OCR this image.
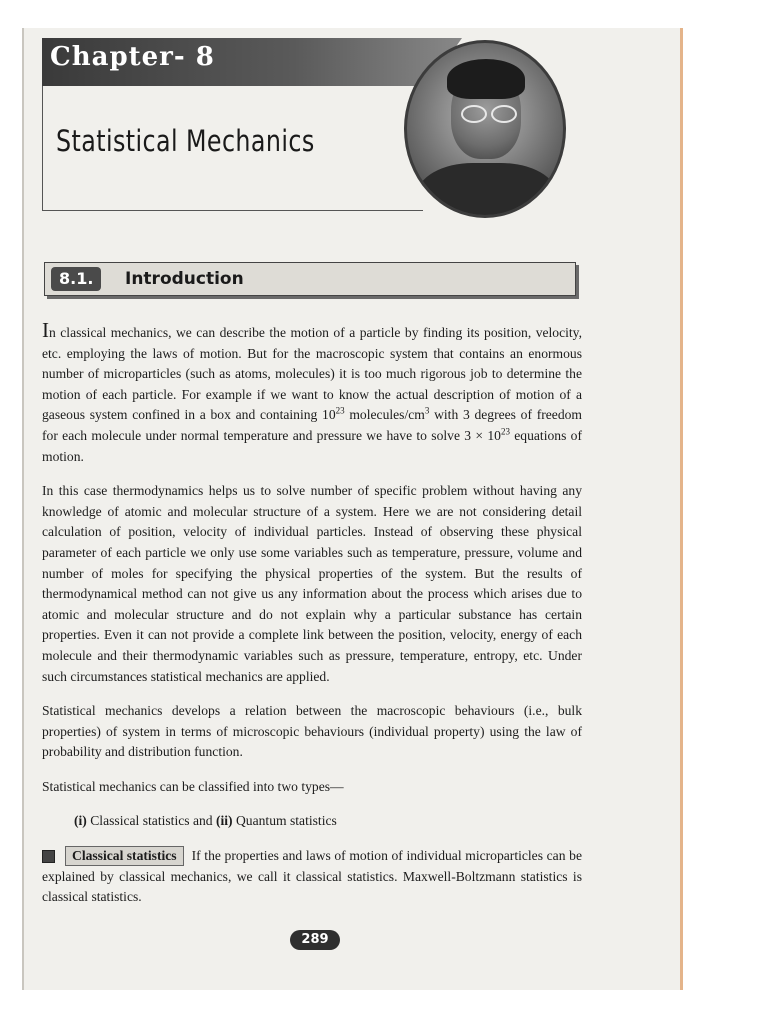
Chapter- 8
Statistical Mechanics
8.1.	Introduction

In classical mechanics, we can describe the motion of a particle by finding its position, velocity, etc. employing the laws of motion. But for the macroscopic system that contains an enormous number of microparticles (such as atoms, molecules) it is too much rigorous job to determine the motion of each particle. For example if we want to know the actual description of motion of a gaseous system confined in a box and containing $10^{23}$ molecules/$cm^3$ with 3 degrees of freedom for each molecule under normal temperature and pressure we have to solve $3 \times 10^{23}$ equations of motion.

In this case thermodynamics helps us to solve number of specific problem without having any knowledge of atomic and molecular structure of a system. Here we are not considering detail calculation of position, velocity of individual particles. Instead of observing these physical parameter of each particle we only use some variables such as temperature, pressure, volume and number of moles for specifying the physical properties of the system. But the results of thermodynamical method can not give us any information about the process which arises due to atomic and molecular structure and do not explain why a particular substance has certain properties. Even it can not provide a complete link between the position, velocity, energy of each molecule and their thermodynamic variables such as pressure, temperature, entropy, etc. Under such circumstances statistical mechanics are applied.

Statistical mechanics develops a relation between the macroscopic behaviours (i.e., bulk properties) of system in terms of microscopic behaviours (individual property) using the law of probability and distribution function.

Statistical mechanics can be classified into two types—

(i) Classical statistics and (ii) Quantum statistics

Classical statistics If the properties and laws of motion of individual microparticles can be explained by classical mechanics, we call it classical statistics. Maxwell-Boltzmann statistics is classical statistics.

289
